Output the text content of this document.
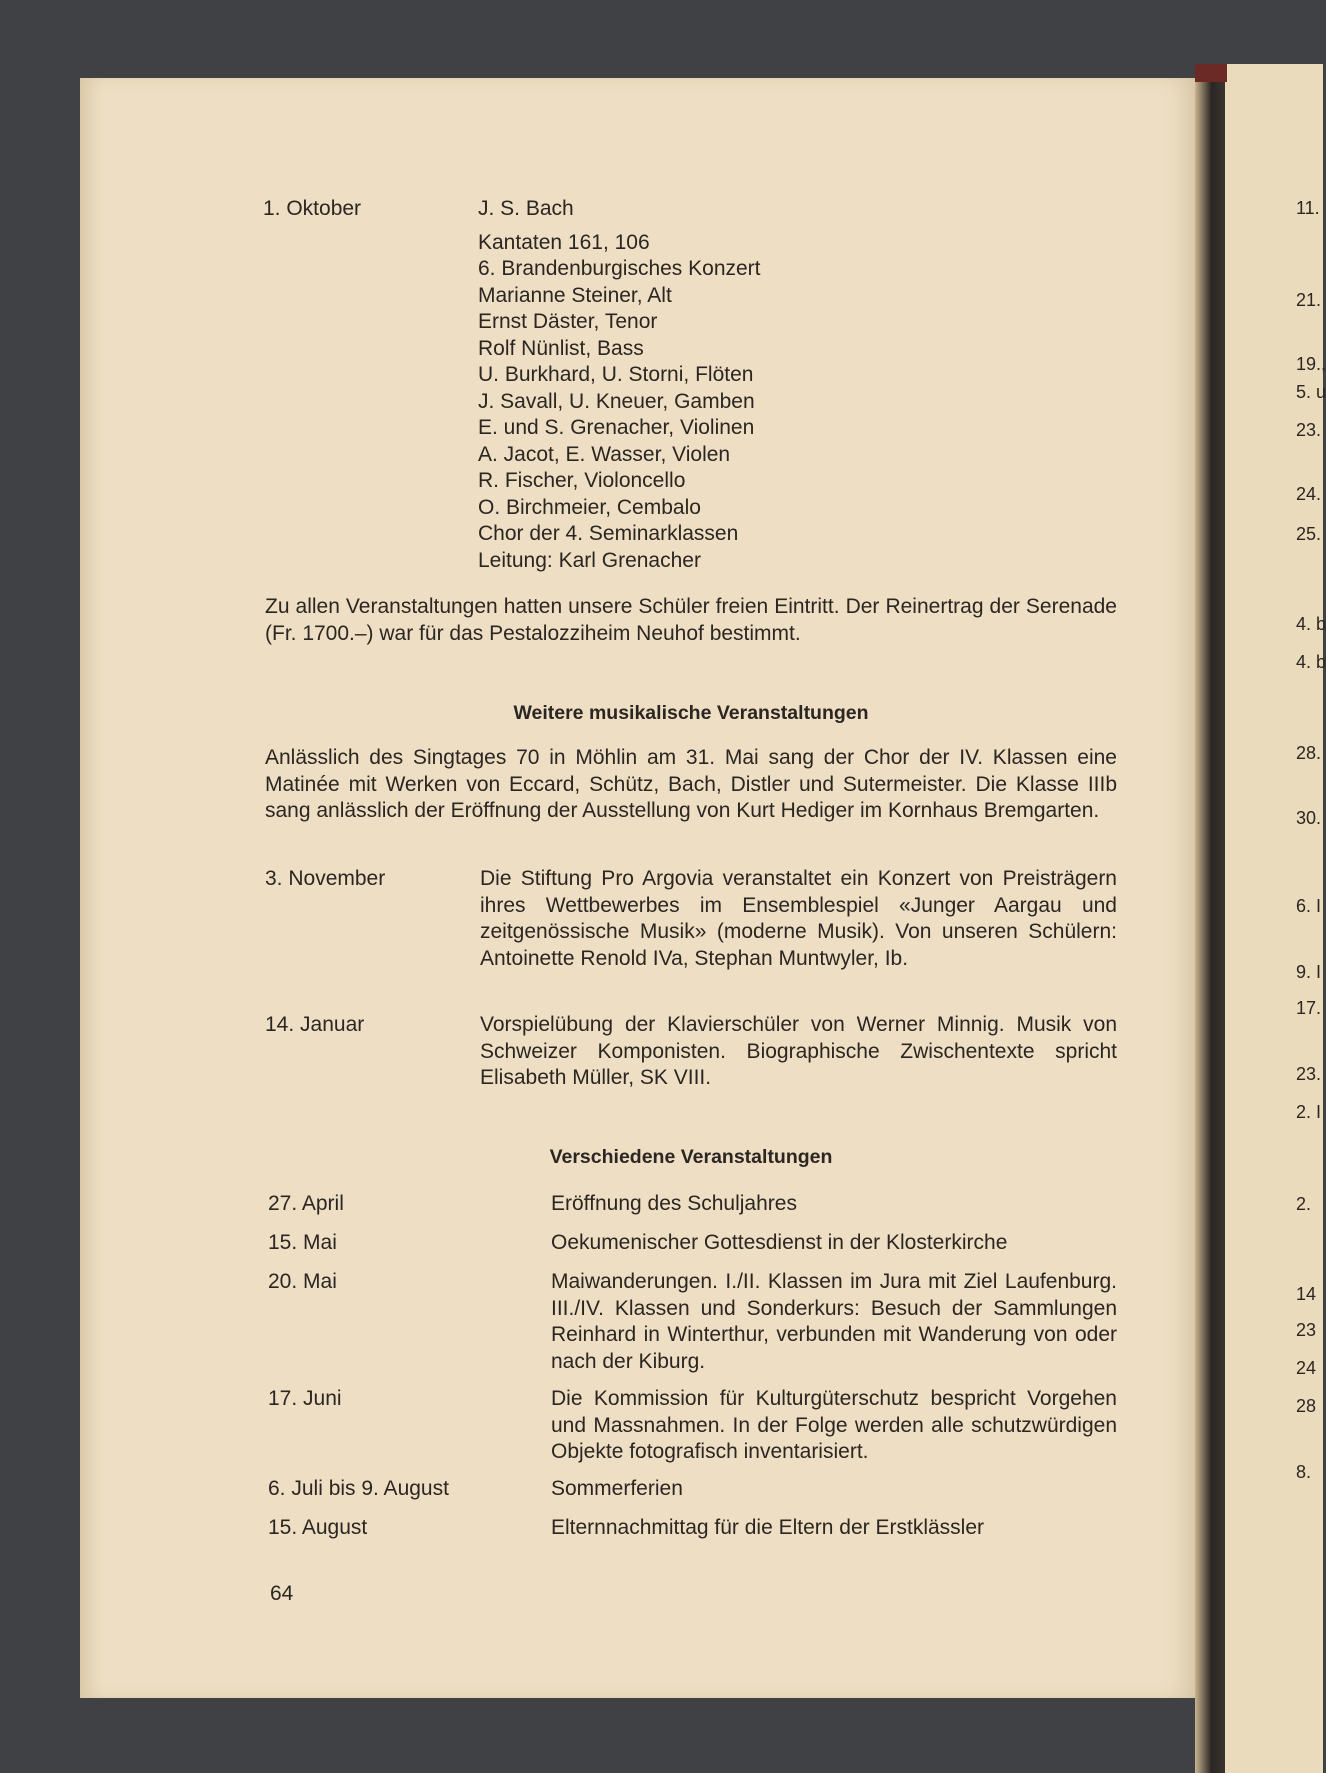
1. Oktober	J. S. Bach
Kantaten 161, 106
6. Brandenburgisches Konzert
Marianne Steiner, Alt
Ernst Däster, Tenor
Rolf Nünlist, Bass
U. Burkhard, U. Storni, Flöten
J. Savall, U. Kneuer, Gamben
E. und S. Grenacher, Violinen
A. Jacot, E. Wasser, Violen
R. Fischer, Violoncello
O. Birchmeier, Cembalo
Chor der 4. Seminarklassen
Leitung: Karl Grenacher
Zu allen Veranstaltungen hatten unsere Schüler freien Eintritt. Der Reinertrag der Serenade (Fr. 1700.–) war für das Pestalozziheim Neuhof bestimmt.
Weitere musikalische Veranstaltungen
Anlässlich des Singtages 70 in Möhlin am 31. Mai sang der Chor der IV. Klassen eine Matinée mit Werken von Eccard, Schütz, Bach, Distler und Sutermeister. Die Klasse IIIb sang anlässlich der Eröffnung der Ausstellung von Kurt Hediger im Kornhaus Bremgarten.
3. November	Die Stiftung Pro Argovia veranstaltet ein Konzert von Preisträgern ihres Wettbewerbes im Ensemblespiel «Junger Aargau und zeitgenössische Musik» (moderne Musik). Von unseren Schülern: Antoinette Renold IVa, Stephan Muntwyler, Ib.
14. Januar	Vorspielübung der Klavierschüler von Werner Minnig. Musik von Schweizer Komponisten. Biographische Zwischentexte spricht Elisabeth Müller, SK VIII.
Verschiedene Veranstaltungen
27. April	Eröffnung des Schuljahres
15. Mai	Oekumenischer Gottesdienst in der Klosterkirche
20. Mai	Maiwanderungen. I./II. Klassen im Jura mit Ziel Laufenburg. III./IV. Klassen und Sonderkurs: Besuch der Sammlungen Reinhard in Winterthur, verbunden mit Wanderung von oder nach der Kiburg.
17. Juni	Die Kommission für Kulturgüterschutz bespricht Vorgehen und Massnahmen. In der Folge werden alle schutzwürdigen Objekte fotografisch inventarisiert.
6. Juli bis 9. August	Sommerferien
15. August	Elternnachmittag für die Eltern der Erstklässler
64
11.
21.
19.,
5. u
23.
24.
25.
4. b
4. b
28.
30.
6. I
9. I
17.
23.
2. I
2.
14
23
24
28
8.
